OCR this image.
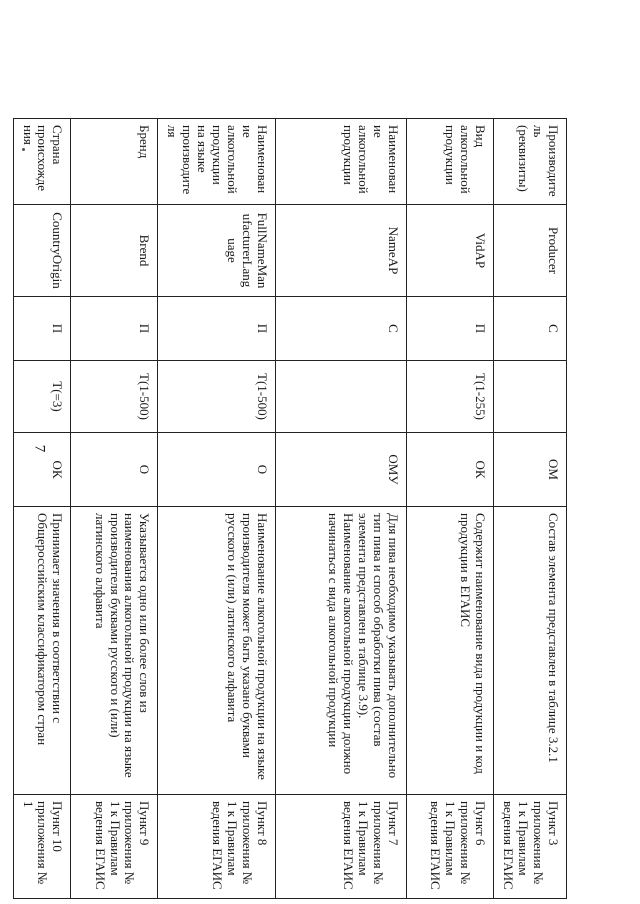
7
Производитель (реквизиты)	Producer	С		ОМ	Состав элемента представлен в таблице 3.2.1	Пункт 3 приложения № 1 к Правилам ведения ЕГАИС
Вид алкогольной продукции	VidAP	П	T(1-255)	ОК	Содержит наименование вида продукции и код продукции в ЕГАИС	Пункт 6 приложения № 1 к Правилам ведения ЕГАИС
Наименование алкогольной продукции	NameAP	С		ОМУ	Для пива необходимо указывать дополнительно тип пива и способ обработки пива (состав элемента представлен в таблице 3.9). Наименование алкогольной продукции должно начинаться с вида алкогольной продукции	Пункт 7 приложения № 1 к Правилам ведения ЕГАИС
Наименование алкогольной продукции на языке производителя	FullNameManufacturerLanguage	П	T(1-500)	О	Наименование алкогольной продукции на языке производителя может быть указано буквами русского и (или) латинского алфавита	Пункт 8 приложения № 1 к Правилам ведения ЕГАИС
Бренд	Brend	П	T(1-500)	О	Указывается одно или более слов из наименования алкогольной продукции на языке производителя буквами русского и (или) латинского алфавита	Пункт 9 приложения № 1 к Правилам ведения ЕГАИС
Страна происхождения	CountryOrigin	П	T(=3)	ОК	Принимает значения в соответствии с Общероссийским классификатором стран	Пункт 10 приложения № 1
